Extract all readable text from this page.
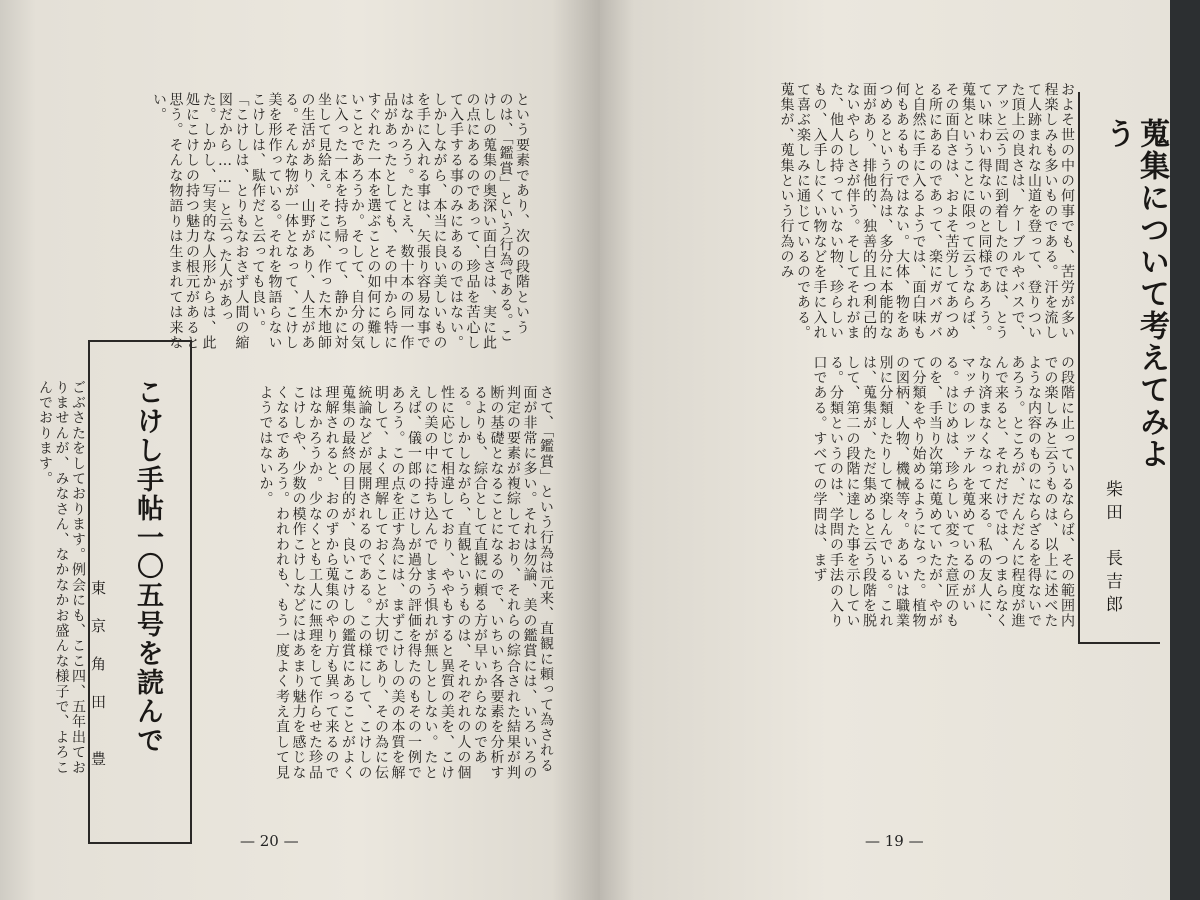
という要素であり、次の段階という のは、「鑑賞」という行為である。こけしの蒐集の奥深い面白さは、実に此の点にあるのであって、珍品を苦心して入手する事のみにあるのではない。しかしながら、本当に良い美しいものを手に入れる事は、矢張り容易な事ではなかろう。たとえ、数十本の同一作品があったとしても、その中から特にすぐれた一本を選ぶことの如何に難しいことであろうか。そして、自分の気に入った一本を持ち帰って、静かに対坐して見給え。そこに、作った木地師の生活があり、山野があり、人生がある。そんな物が一体となって、こけし美を形作っている。それを物語らないこけしは、駄作だと云っても良い。「こけしは、とりもなおさず人間の縮図だから……」と云った人があった。しかし、写実的な人形からは、此処にこけしの持つ魅力の根元があると思う。そんな物語りは生まれては来ない。
さて、「鑑賞」という行為は元来、直観に頼って為される面が非常に多い。それは勿論、美の鑑賞には、いろいろの判定の要素が複綜しており、それらの綜合された結果が判断の基礎となることになるので、いちいち各要素を分析するよりも、綜合として直観に頼る方が早いからなのである。しかしながら、直観というものは、それぞれの人の個性に応じて相違しており、ややもすると異質の美を、こけしの美の中に持ち込んでしまう惧れが無しとしない。たとえば、儀一郎のこけしが過分の評価を得たのもその一例であろう。この点を正す為には、まずこけしの美の本質を解明して、よく理解しておくことが大切であり、その為に伝統論などが展開されるのである。この様にして、こけしの蒐集の最終の目的が、良いこけしの鑑賞にあることがよく理解されると、おのずから蒐集のやり方も異って来るのではなかろうか。少なくとも工人に無理をして作らせた珍品こけしや、少数の模作こけしなどにはあまり魅力を感じなくなるであろう。われわれも、もう一度よく考え直して見ようではないか。
こけし手帖一〇五号を読んで
東　京　角　田　　豊
ごぶさたをしております。例会にも、ここ四、五年出ておりませんが、みなさん、なかなかお盛んな様子で、よろこんでおります。
— 20 —
蒐集について考えてみよう
柴田　長吉郎
およそ世の中の何事でも、苦労が多い程楽しみも多いものである。汗を流して人跡まれな山道を登って、登りついた頂上の良さは、ケーブルやバスで、アッと云う間に到着したのでは、とうてい味わい得ないのと同様であろう。蒐集ということに限って云うならば、その面白さは、およそ苦労してあつめる所にあるのであって、楽にガバガバと自然に手に入るようでは、面白味も何もあるものではない。大体、物をあつめるという行為は、多分に本能的な面があり、排他的、独善的且つ利己的ないやらしさが伴う。そしてそれがまた、他人の持っていない物、珍らしいもの、入手しにくい物などを手に入れて喜ぶ楽しみに通じているのである。蒐集が、蒐集という行為のみ
の段階に止っているならば、その範囲内での楽しみと云うものは、以上に述べたような内容のものにならざるを得ないであろう。ところが、だんだんに程度が進んで来ると、それだけでは、つまらなくなり済まなくなって来る。私の友人に、マッチのレッテルを蒐めているのがいる。はじめは、珍らしい変った意匠のものを、手当り次第に蒐めていたが、やがて分類をやり始めるようになった。植物の図柄、人物、機械等々。あるいは職業別に分類したりして楽しんでいる。これは、蒐集が、ただ集めると云う段階を脱して、第二の段階に達した事を示している。分類というのは、学問の手法の入り口である。すべての学問は、まず
— 19 —
